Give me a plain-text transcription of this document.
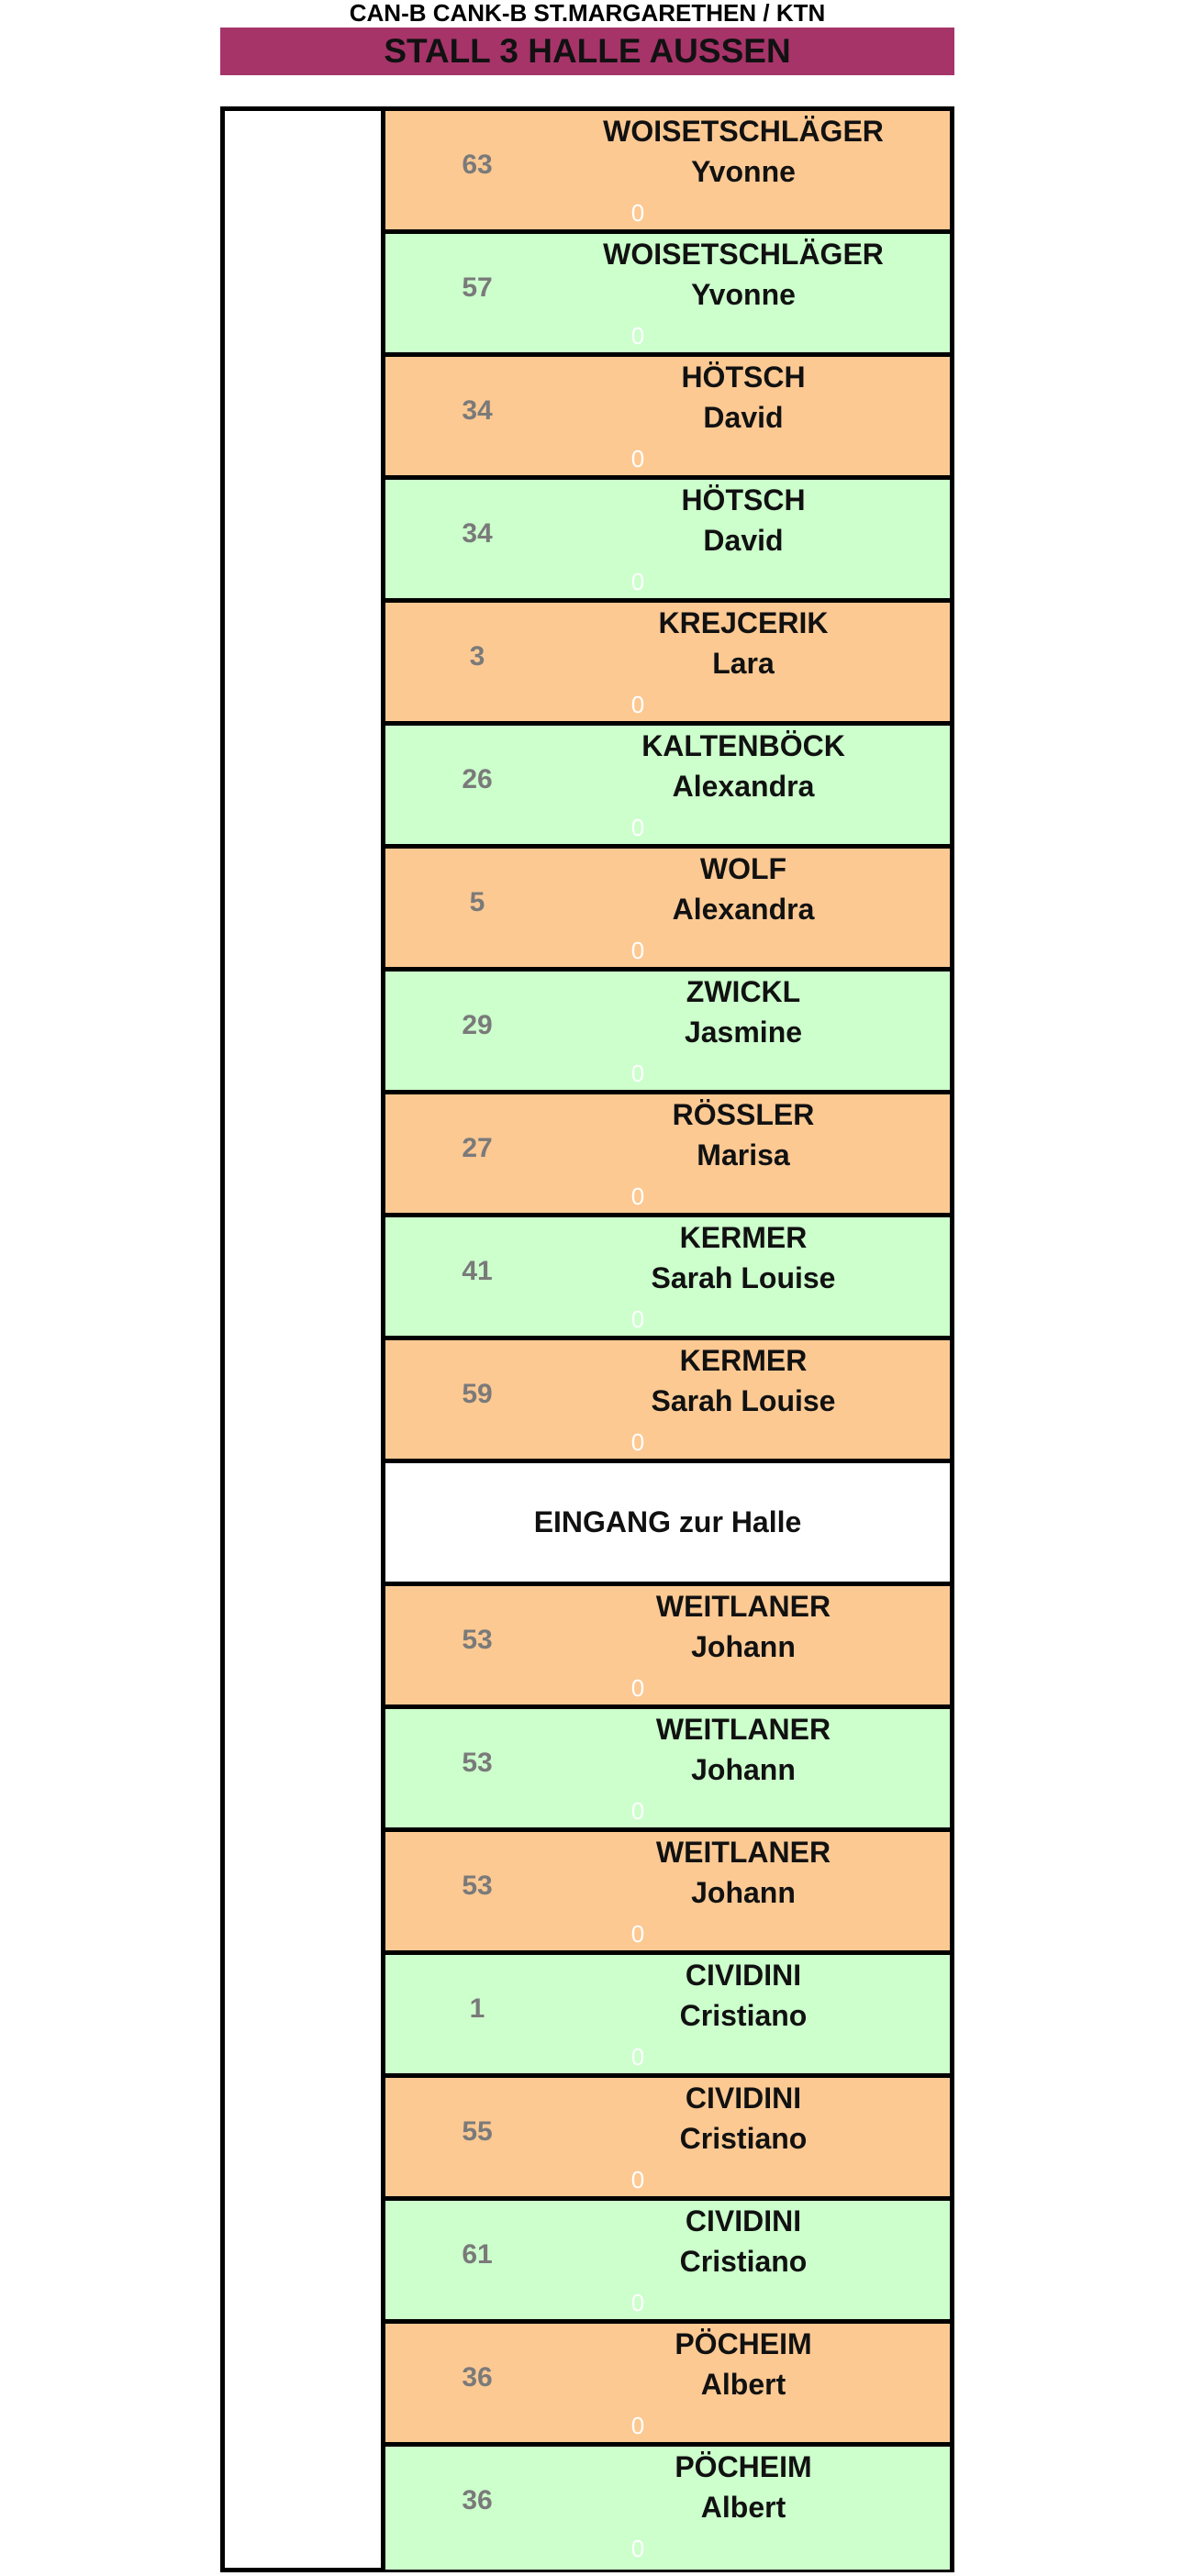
CAN-B CANK-B ST.MARGARETHEN / KTN
STALL 3 HALLE AUSSEN
63
WOISETSCHLÄGER
Yvonne
0
57
WOISETSCHLÄGER
Yvonne
0
34
HÖTSCH
David
0
34
HÖTSCH
David
0
3
KREJCERIK
Lara
0
26
KALTENBÖCK
Alexandra
0
5
WOLF
Alexandra
0
29
ZWICKL
Jasmine
0
27
RÖSSLER
Marisa
0
41
KERMER
Sarah Louise
0
59
KERMER
Sarah Louise
0
EINGANG zur Halle
53
WEITLANER
Johann
0
53
WEITLANER
Johann
0
53
WEITLANER
Johann
0
1
CIVIDINI
Cristiano
0
55
CIVIDINI
Cristiano
0
61
CIVIDINI
Cristiano
0
36
PÖCHEIM
Albert
0
36
PÖCHEIM
Albert
0
